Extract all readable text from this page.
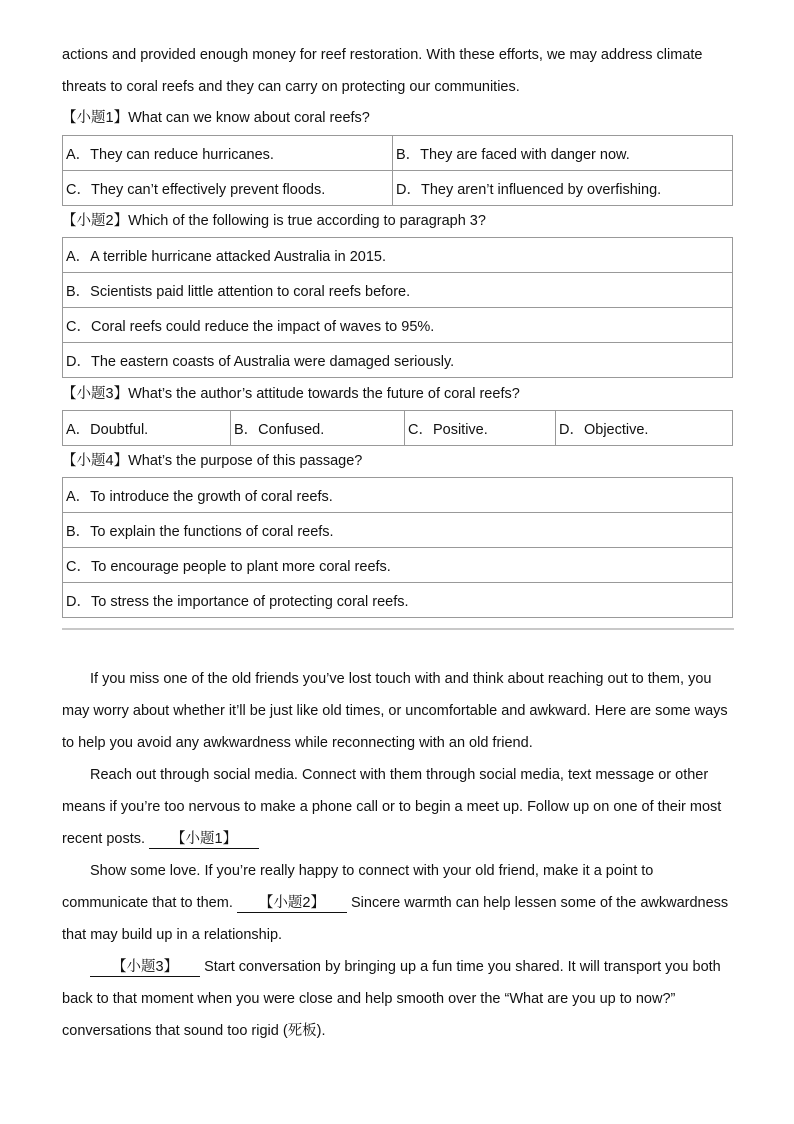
actions and provided enough money for reef restoration. With these efforts, we may address climate
threats to coral reefs and they can carry on protecting our communities.
【小题1】What can we know about coral reefs?
A．They can reduce hurricanes.	B．They are faced with danger now.
C．They can’t effectively prevent floods.	D．They aren’t influenced by overfishing.
【小题2】Which of the following is true according to paragraph 3?
A．A terrible hurricane attacked Australia in 2015.
B．Scientists paid little attention to coral reefs before.
C．Coral reefs could reduce the impact of waves to 95%.
D．The eastern coasts of Australia were damaged seriously.
【小题3】What’s the author’s attitude towards the future of coral reefs?
A．Doubtful.	B．Confused.	C．Positive.	D．Objective.
【小题4】What’s the purpose of this passage?
A．To introduce the growth of coral reefs.
B．To explain the functions of coral reefs.
C．To encourage people to plant more coral reefs.
D．To stress the importance of protecting coral reefs.

If you miss one of the old friends you’ve lost touch with and think about reaching out to them, you may worry about whether it’ll be just like old times, or uncomfortable and awkward. Here are some ways to help you avoid any awkwardness while reconnecting with an old friend.

Reach out through social media. Connect with them through social media, text message or other means if you’re too nervous to make a phone call or to begin a meet up. Follow up on one of their most recent posts. 【小题1】

Show some love. If you’re really happy to connect with your old friend, make it a point to communicate that to them. 【小题2】 Sincere warmth can help lessen some of the awkwardness that may build up in a relationship.

【小题3】 Start conversation by bringing up a fun time you shared. It will transport you both back to that moment when you were close and help smooth over the “What are you up to now?” conversations that sound too rigid (死板).
